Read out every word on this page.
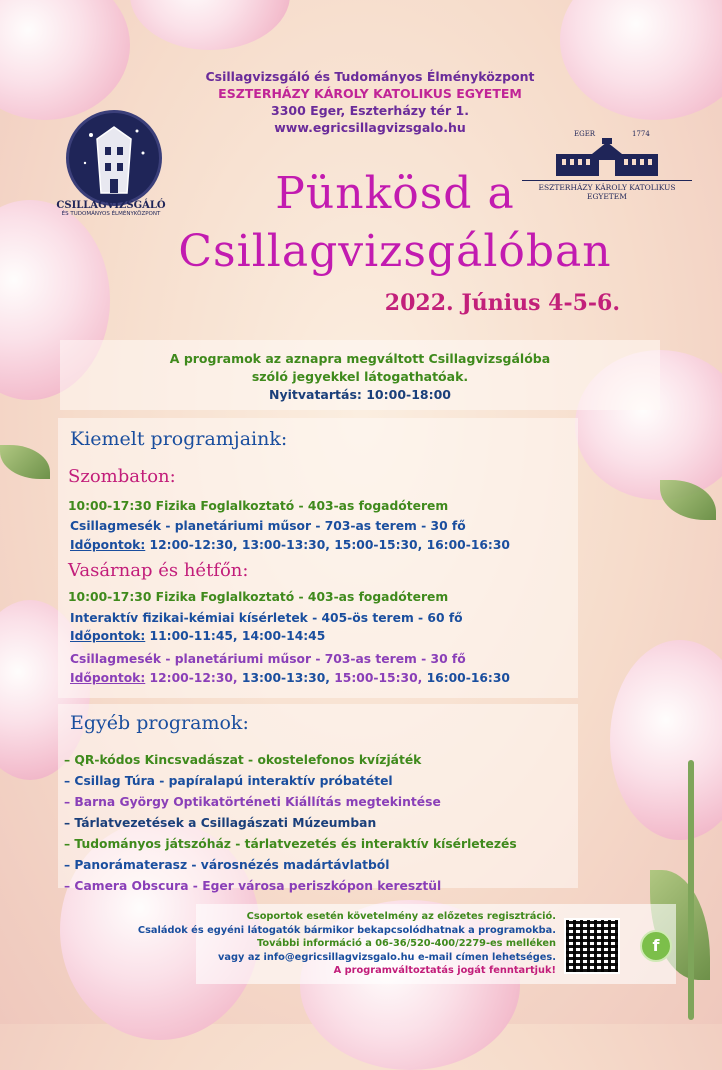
Csillagvizsgáló és Tudományos Élményközpont
ESZTERHÁZY KÁROLY KATOLIKUS EGYETEM
3300 Eger, Eszterházy tér 1.
www.egricsillagvizsgalo.hu
CSILLAGVIZSGÁLÓ
ÉS TUDOMÁNYOS ÉLMÉNYKÖZPONT
EGER	1774
ESZTERHÁZY KÁROLY KATOLIKUS EGYETEM
Pünkösd a
Csillagvizsgálóban
2022. Június 4-5-6.
A programok az aznapra megváltott Csillagvizsgálóba
szóló jegyekkel látogathatóak.
Nyitvatartás: 10:00-18:00
Kiemelt programjaink:
Szombaton:
10:00-17:30 Fizika Foglalkoztató - 403-as fogadóterem
Csillagmesék - planetáriumi műsor - 703-as terem - 30 fő
Időpontok: 12:00-12:30, 13:00-13:30, 15:00-15:30, 16:00-16:30
Vasárnap és hétfőn:
10:00-17:30 Fizika Foglalkoztató - 403-as fogadóterem
Interaktív fizikai-kémiai kísérletek - 405-ös terem - 60 fő
Időpontok: 11:00-11:45, 14:00-14:45
Csillagmesék - planetáriumi műsor - 703-as terem - 30 fő
Időpontok: 12:00-12:30, 13:00-13:30, 15:00-15:30, 16:00-16:30
Egyéb programok:
– QR-kódos Kincsvadászat - okostelefonos kvízjáték
– Csillag Túra - papíralapú interaktív próbatétel
– Barna György Optikatörténeti Kiállítás megtekintése
– Tárlatvezetések a Csillagászati Múzeumban
– Tudományos játszóház - tárlatvezetés és interaktív kísérletezés
– Panorámaterasz - városnézés madártávlatból
– Camera Obscura - Eger városa periszkópon keresztül
Csoportok esetén követelmény az előzetes regisztráció.
Családok és egyéni látogatók bármikor bekapcsolódhatnak a programokba.
További információ a 06-36/520-400/2279-es melléken
vagy az info@egricsillagvizsgalo.hu e-mail címen lehetséges.
A programváltoztatás jogát fenntartjuk!
f
